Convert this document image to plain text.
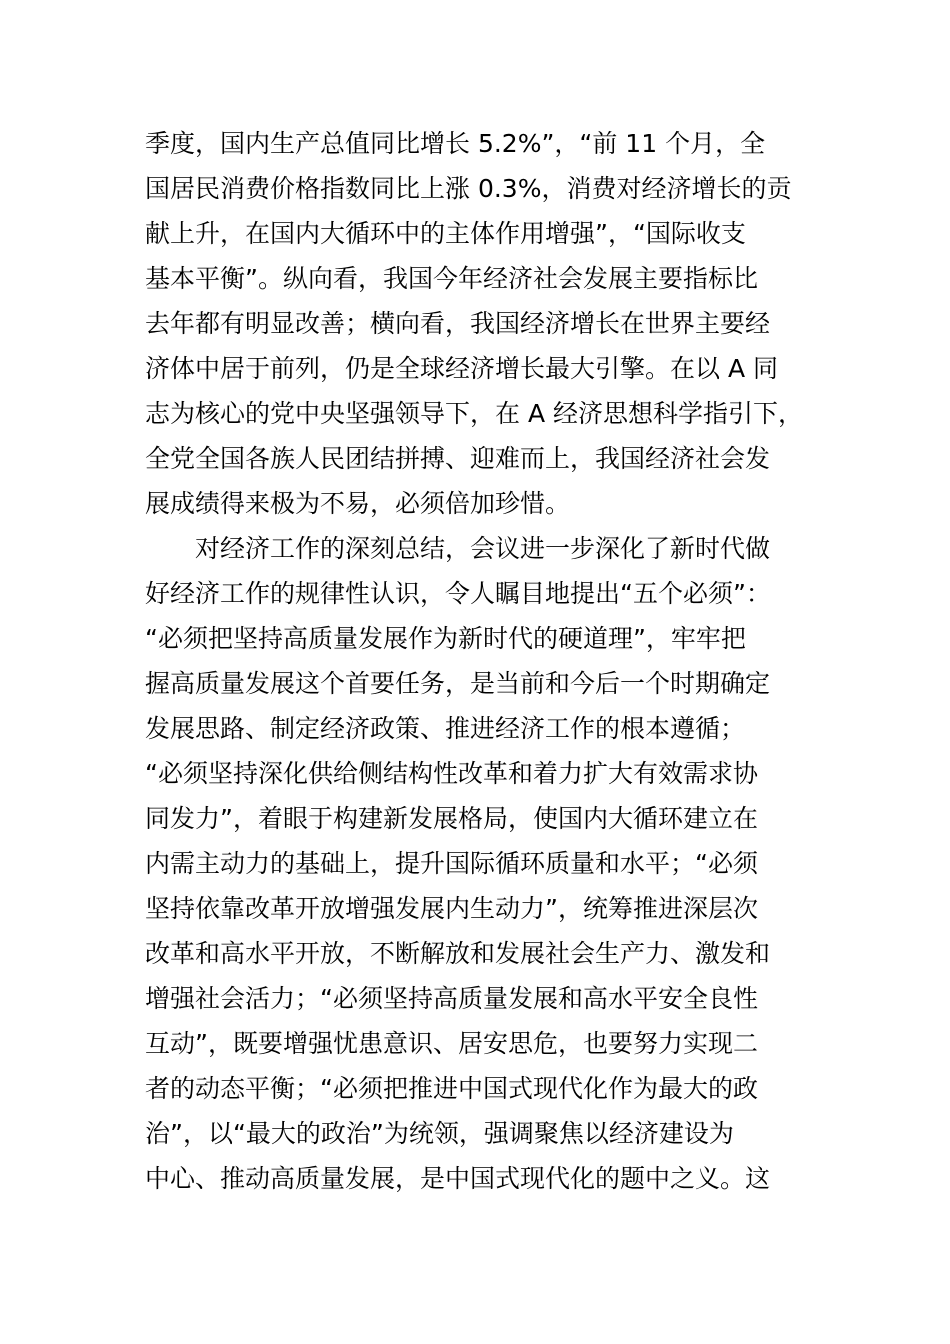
季度，国内生产总值同比增长 5.2%”，“前 11 个月，全
国居民消费价格指数同比上涨 0.3%，消费对经济增长的贡
献上升，在国内大循环中的主体作用增强”，“国际收支
基本平衡”。纵向看，我国今年经济社会发展主要指标比
去年都有明显改善；横向看，我国经济增长在世界主要经
济体中居于前列，仍是全球经济增长最大引擎。在以 A 同
志为核心的党中央坚强领导下，在 A 经济思想科学指引下，
全党全国各族人民团结拼搏、迎难而上，我国经济社会发
展成绩得来极为不易，必须倍加珍惜。
　　对经济工作的深刻总结，会议进一步深化了新时代做
好经济工作的规律性认识，令人瞩目地提出“五个必须”：
“必须把坚持高质量发展作为新时代的硬道理”，牢牢把
握高质量发展这个首要任务，是当前和今后一个时期确定
发展思路、制定经济政策、推进经济工作的根本遵循；
“必须坚持深化供给侧结构性改革和着力扩大有效需求协
同发力”，着眼于构建新发展格局，使国内大循环建立在
内需主动力的基础上，提升国际循环质量和水平；“必须
坚持依靠改革开放增强发展内生动力”，统筹推进深层次
改革和高水平开放，不断解放和发展社会生产力、激发和
增强社会活力；“必须坚持高质量发展和高水平安全良性
互动”，既要增强忧患意识、居安思危，也要努力实现二
者的动态平衡；“必须把推进中国式现代化作为最大的政
治”，以“最大的政治”为统领，强调聚焦以经济建设为
中心、推动高质量发展，是中国式现代化的题中之义。这
